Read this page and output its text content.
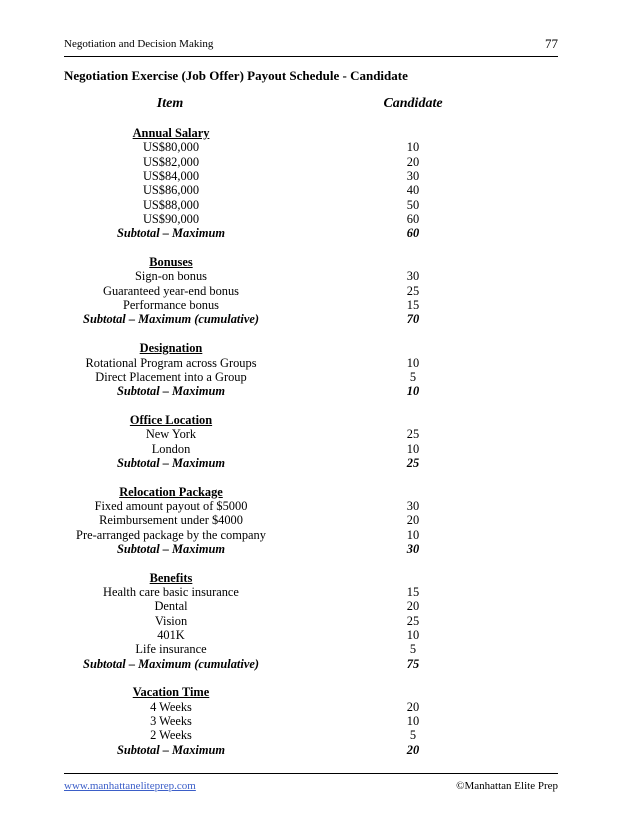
Negotiation and Decision Making	77
Negotiation Exercise (Job Offer) Payout Schedule - Candidate
Item	Candidate
Annual Salary
US$80,000	10
US$82,000	20
US$84,000	30
US$86,000	40
US$88,000	50
US$90,000	60
Subtotal – Maximum	60
Bonuses
Sign-on bonus	30
Guaranteed year-end bonus	25
Performance bonus	15
Subtotal – Maximum (cumulative)	70
Designation
Rotational Program across Groups	10
Direct Placement into a Group	5
Subtotal – Maximum	10
Office Location
New York	25
London	10
Subtotal – Maximum	25
Relocation Package
Fixed amount payout of $5000	30
Reimbursement under $4000	20
Pre-arranged package by the company	10
Subtotal – Maximum	30
Benefits
Health care basic insurance	15
Dental	20
Vision	25
401K	10
Life insurance	5
Subtotal – Maximum (cumulative)	75
Vacation Time
4 Weeks	20
3 Weeks	10
2 Weeks	5
Subtotal – Maximum	20
www.manhattaneliteprep.com	©Manhattan Elite Prep
